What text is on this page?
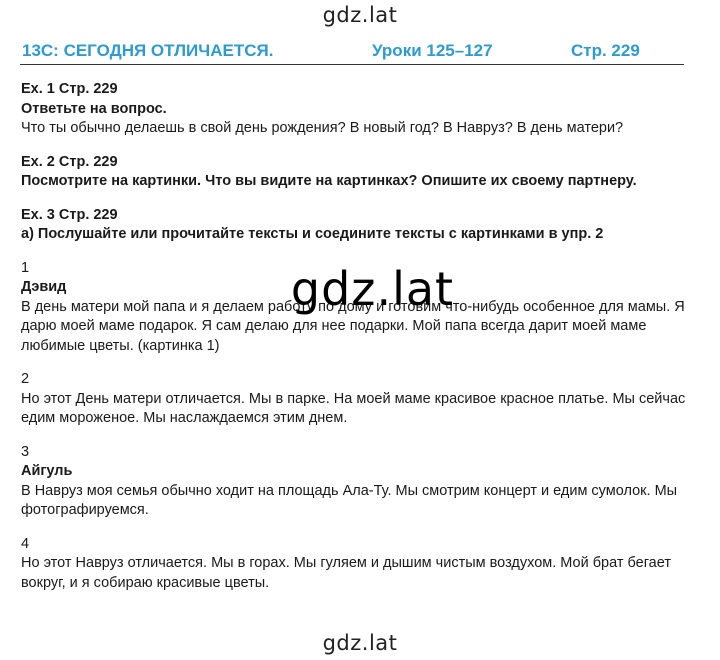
gdz.lat
13С: СЕГОДНЯ ОТЛИЧАЕТСЯ.	Уроки 125–127	Стр. 229

Ex. 1 Стр. 229

Ответьте на вопрос.

Что ты обычно делаешь в свой день рождения? В новый год? В Навруз? В день матери?

Ex. 2 Стр. 229

Посмотрите на картинки. Что вы видите на картинках? Опишите их своему партнеру.

Ex. 3 Стр. 229

a) Послушайте или прочитайте тексты и соедините тексты с картинками в упр. 2

1

Дэвид

В день матери мой папа и я делаем работу по дому и готовим что-нибудь особенное для мамы. Я

дарю моей маме подарок. Я сам делаю для нее подарки. Мой папа всегда дарит моей маме

любимые цветы. (картинка 1)

2

Но этот День матери отличается. Мы в парке. На моей маме красивое красное платье. Мы сейчас

едим мороженое. Мы наслаждаемся этим днем.

3

Айгуль

В Навруз моя семья обычно ходит на площадь Ала-Ту. Мы смотрим концерт и едим сумолок. Мы

фотографируемся.

4

Но этот Навруз отличается. Мы в горах. Мы гуляем и дышим чистым воздухом. Мой брат бегает

вокруг, и я собираю красивые цветы.

gdz.lat
gdz.lat
